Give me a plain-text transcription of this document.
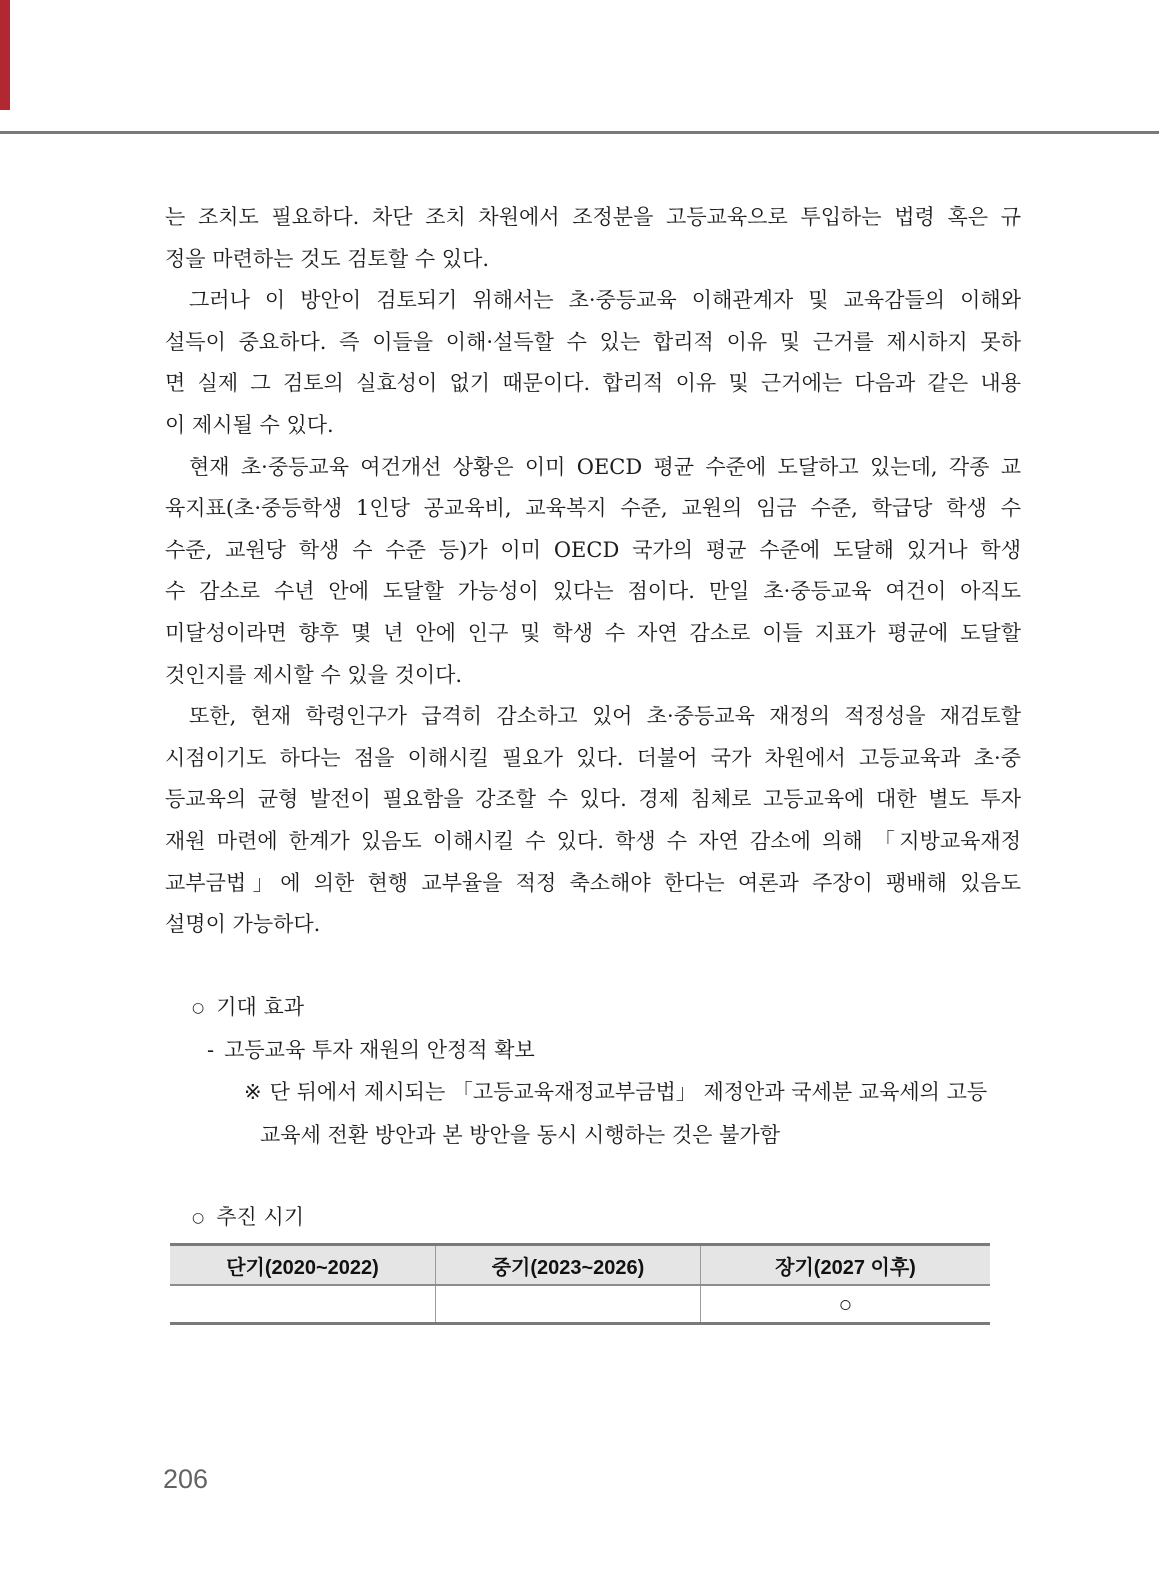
는 조치도 필요하다. 차단 조치 차원에서 조정분을 고등교육으로 투입하는 법령 혹은 규
정을 마련하는 것도 검토할 수 있다.
그러나 이 방안이 검토되기 위해서는 초·중등교육 이해관계자 및 교육감들의 이해와
설득이 중요하다. 즉 이들을 이해·설득할 수 있는 합리적 이유 및 근거를 제시하지 못하
면 실제 그 검토의 실효성이 없기 때문이다. 합리적 이유 및 근거에는 다음과 같은 내용
이 제시될 수 있다.
현재 초·중등교육 여건개선 상황은 이미 OECD 평균 수준에 도달하고 있는데, 각종 교
육지표(초·중등학생 1인당 공교육비, 교육복지 수준, 교원의 임금 수준, 학급당 학생 수
수준, 교원당 학생 수 수준 등)가 이미 OECD 국가의 평균 수준에 도달해 있거나 학생
수 감소로 수년 안에 도달할 가능성이 있다는 점이다. 만일 초·중등교육 여건이 아직도
미달성이라면 향후 몇 년 안에 인구 및 학생 수 자연 감소로 이들 지표가 평균에 도달할
것인지를 제시할 수 있을 것이다.
또한, 현재 학령인구가 급격히 감소하고 있어 초·중등교육 재정의 적정성을 재검토할
시점이기도 하다는 점을 이해시킬 필요가 있다. 더불어 국가 차원에서 고등교육과 초·중
등교육의 균형 발전이 필요함을 강조할 수 있다. 경제 침체로 고등교육에 대한 별도 투자
재원 마련에 한계가 있음도 이해시킬 수 있다. 학생 수 자연 감소에 의해 「지방교육재정
교부금법」에 의한 현행 교부율을 적정 축소해야 한다는 여론과 주장이 팽배해 있음도
설명이 가능하다.
○ 기대 효과
- 고등교육 투자 재원의 안정적 확보
※ 단 뒤에서 제시되는 「고등교육재정교부금법」 제정안과 국세분 교육세의 고등
교육세 전환 방안과 본 방안을 동시 시행하는 것은 불가함
○ 추진 시기
단기(2020~2022)	중기(2023~2026)	장기(2027 이후)
○
206
